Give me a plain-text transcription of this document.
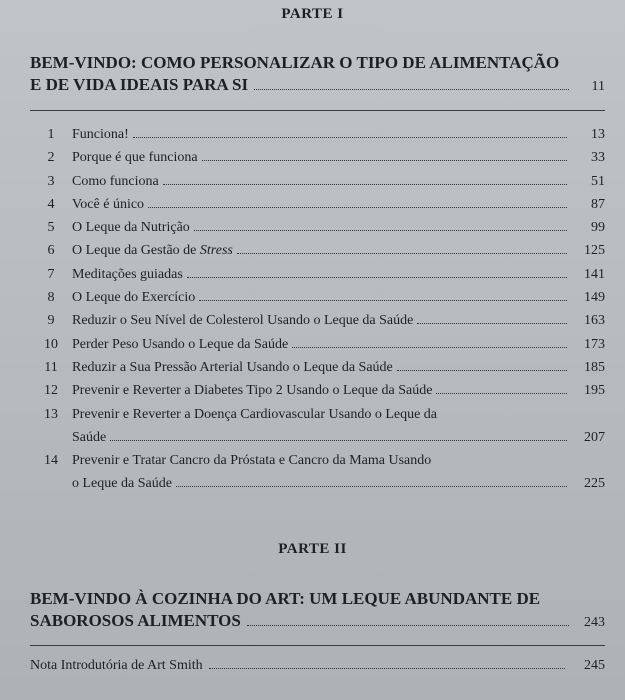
PARTE I
BEM-VINDO: COMO PERSONALIZAR O TIPO DE ALIMENTAÇÃO
E DE VIDA IDEAIS PARA SI	11
1	Funciona!	13
2	Porque é que funciona	33
3	Como funciona	51
4	Você é único	87
5	O Leque da Nutrição	99
6	O Leque da Gestão de Stress	125
7	Meditações guiadas	141
8	O Leque do Exercício	149
9	Reduzir o Seu Nível de Colesterol Usando o Leque da Saúde	163
10	Perder Peso Usando o Leque da Saúde	173
11	Reduzir a Sua Pressão Arterial Usando o Leque da Saúde	185
12	Prevenir e Reverter a Diabetes Tipo 2 Usando o Leque da Saúde	195
13	Prevenir e Reverter a Doença Cardiovascular Usando o Leque da
Saúde	207
14	Prevenir e Tratar Cancro da Próstata e Cancro da Mama Usando
o Leque da Saúde	225
PARTE II
BEM-VINDO À COZINHA DO ART: UM LEQUE ABUNDANTE DE
SABOROSOS ALIMENTOS	243
Nota Introdutória de Art Smith	245
